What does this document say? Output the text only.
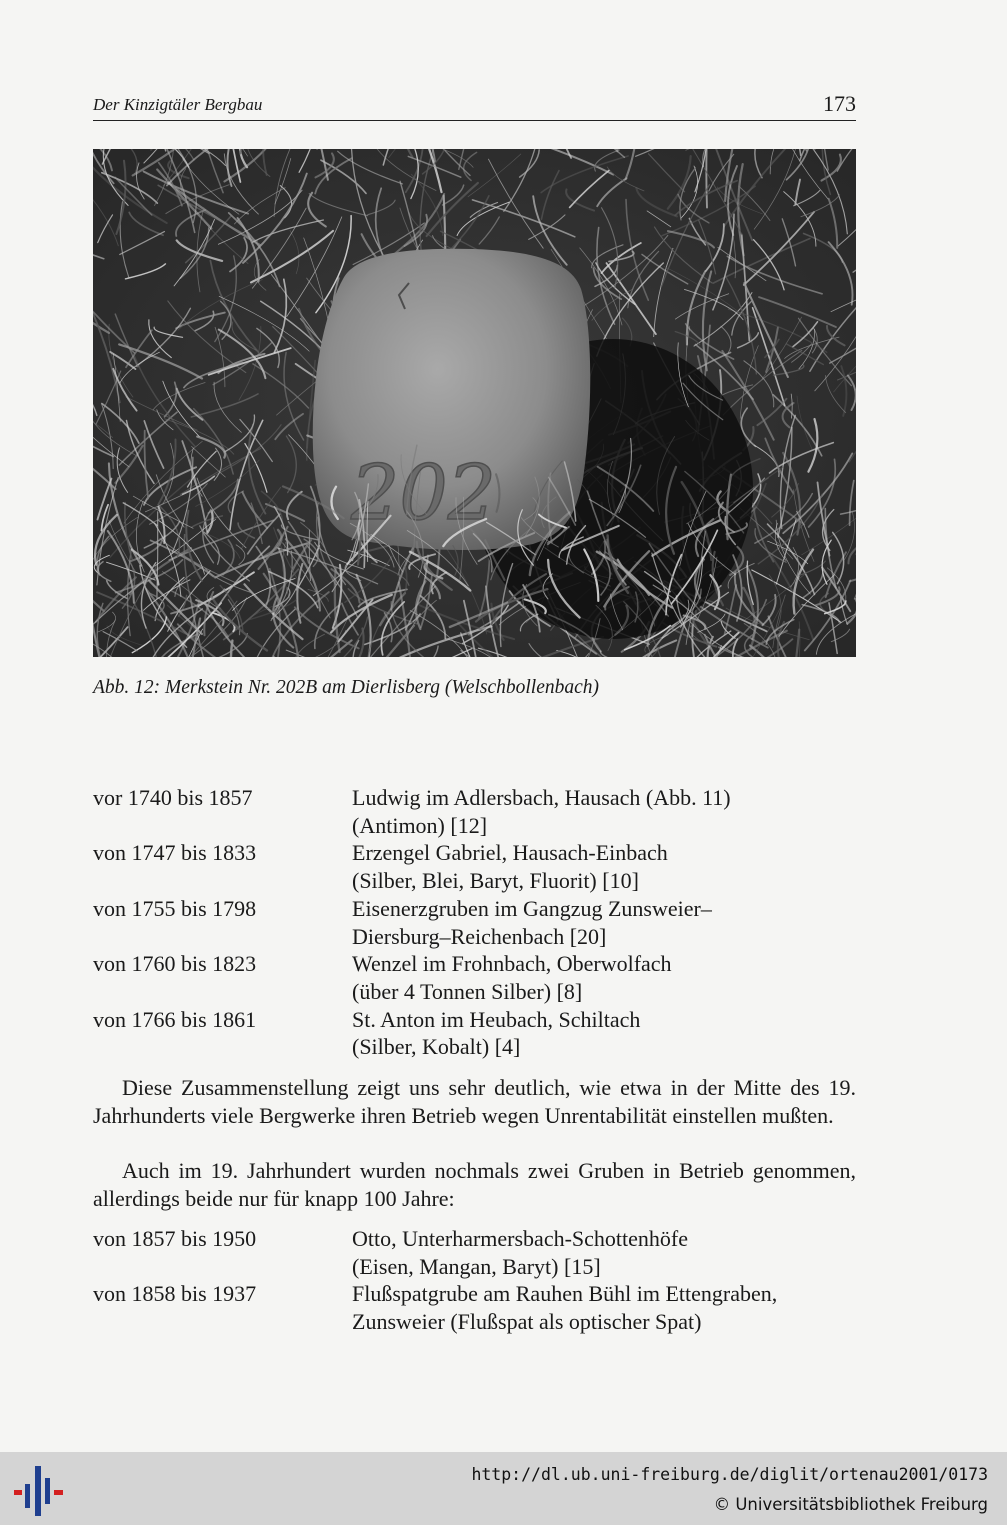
Der Kinzigtäler Bergbau	173
202
Abb. 12: Merkstein Nr. 202B am Dierlisberg (Welschbollenbach)
vor 1740 bis 1857	Ludwig im Adlersbach, Hausach (Abb. 11)
(Antimon) [12]
von 1747 bis 1833	Erzengel Gabriel, Hausach-Einbach
(Silber, Blei, Baryt, Fluorit) [10]
von 1755 bis 1798	Eisenerzgruben im Gangzug Zunsweier–
Diersburg–Reichenbach [20]
von 1760 bis 1823	Wenzel im Frohnbach, Oberwolfach
(über 4 Tonnen Silber) [8]
von 1766 bis 1861	St. Anton im Heubach, Schiltach
(Silber, Kobalt) [4]

Diese Zusammenstellung zeigt uns sehr deutlich, wie etwa in der Mitte des 19. Jahrhunderts viele Bergwerke ihren Betrieb wegen Unrentabilität einstellen mußten.

Auch im 19. Jahrhundert wurden nochmals zwei Gruben in Betrieb genommen, allerdings beide nur für knapp 100 Jahre:

von 1857 bis 1950	Otto, Unterharmersbach-Schottenhöfe
(Eisen, Mangan, Baryt) [15]
von 1858 bis 1937	Flußspatgrube am Rauhen Bühl im Ettengraben,
Zunsweier (Flußspat als optischer Spat)
http://dl.ub.uni-freiburg.de/diglit/ortenau2001/0173
© Universitätsbibliothek Freiburg
